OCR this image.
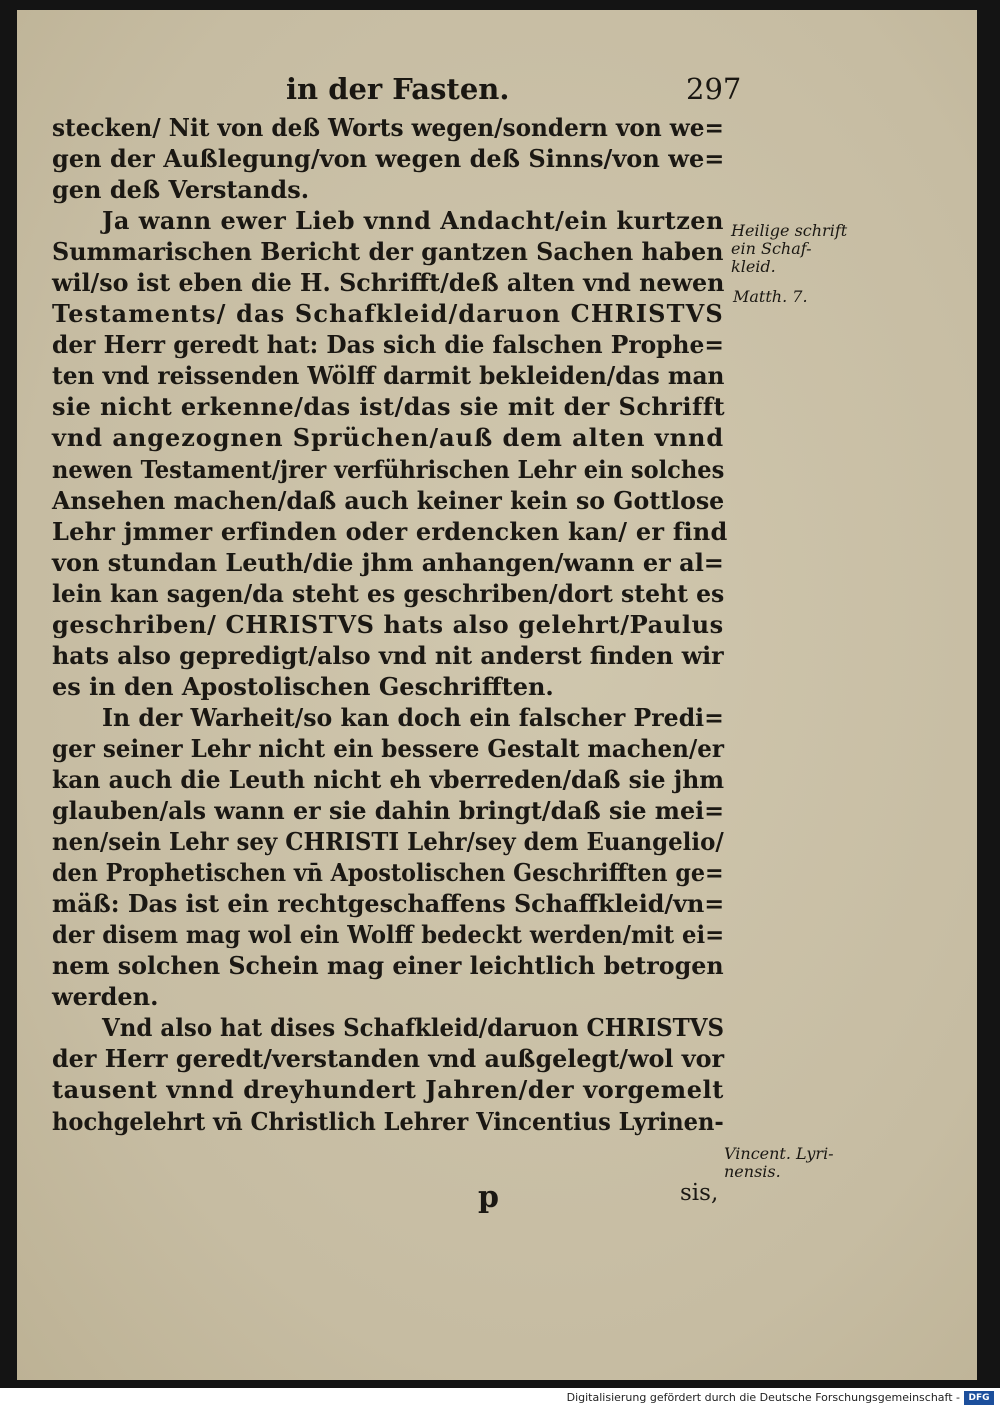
in der Fasten.	297
stecken/ Nit von deß Worts wegen/sondern von we=
gen der Außlegung/von wegen deß Sinns/von we=
gen deß Verstands.
Ja wann ewer Lieb vnnd Andacht/ein kurtzen
Summarischen Bericht der gantzen Sachen haben
wil/so ist eben die H. Schrifft/deß alten vnd newen
Testaments/ das Schafkleid/daruon CHRISTVS
der Herr geredt hat: Das sich die falschen Prophe=
ten vnd reissenden Wölff darmit bekleiden/das man
sie nicht erkenne/das ist/das sie mit der Schrifft
vnd angezognen Sprüchen/auß dem alten vnnd
newen Testament/jrer verführischen Lehr ein solches
Ansehen machen/daß auch keiner kein so Gottlose
Lehr jmmer erfinden oder erdencken kan/ er find
von stundan Leuth/die jhm anhangen/wann er al=
lein kan sagen/da steht es geschriben/dort steht es
geschriben/ CHRISTVS hats also gelehrt/Paulus
hats also gepredigt/also vnd nit anderst finden wir
es in den Apostolischen Geschrifften.
In der Warheit/so kan doch ein falscher Predi=
ger seiner Lehr nicht ein bessere Gestalt machen/er
kan auch die Leuth nicht eh vberreden/daß sie jhm
glauben/als wann er sie dahin bringt/daß sie mei=
nen/sein Lehr sey CHRISTI Lehr/sey dem Euangelio/
den Prophetischen vn̄ Apostolischen Geschrifften ge=
mäß: Das ist ein rechtgeschaffens Schaffkleid/vn=
der disem mag wol ein Wolff bedeckt werden/mit ei=
nem solchen Schein mag einer leichtlich betrogen
werden.
Vnd also hat dises Schafkleid/daruon CHRISTVS
der Herr geredt/verstanden vnd außgelegt/wol vor
tausent vnnd dreyhundert Jahren/der vorgemelt
hochgelehrt vn̄ Christlich Lehrer Vincentius Lyrinen-
Heilige schrift
ein Schaf-
kleid.
Matth. 7.
Vincent. Lyri-
nensis.
p	sis,
Digitalisierung gefördert durch die Deutsche Forschungsgemeinschaft - DFG
